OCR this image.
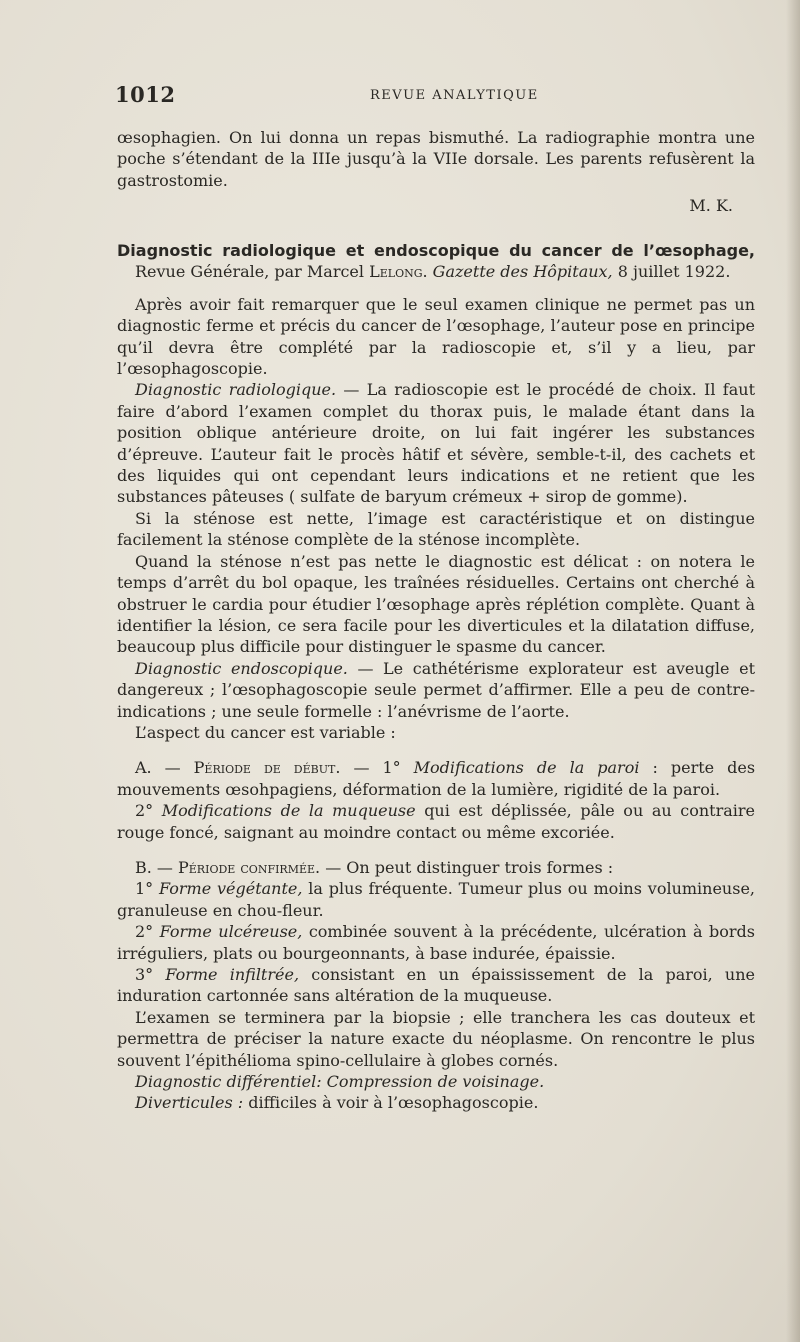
1012	REVUE ANALYTIQUE

œsophagien. On lui donna un repas bismuthé. La radiographie montra une poche s’étendant de la IIIe jusqu’à la VIIe dorsale. Les parents refusèrent la gastrostomie.

M. K.

Diagnostic radiologique et endoscopique du cancer de l’œsophage, Revue Générale, par Marcel Lelong. Gazette des Hôpitaux, 8 juillet 1922.

Après avoir fait remarquer que le seul examen clinique ne permet pas un diagnostic ferme et précis du cancer de l’œsophage, l’auteur pose en principe qu’il devra être complété par la radioscopie et, s’il y a lieu, par l’œsophagoscopie.

Diagnostic radiologique. — La radioscopie est le procédé de choix. Il faut faire d’abord l’examen complet du thorax puis, le malade étant dans la position oblique antérieure droite, on lui fait ingérer les substances d’épreuve. L’auteur fait le procès hâtif et sévère, semble-t-il, des cachets et des liquides qui ont cependant leurs indications et ne retient que les substances pâteuses ( sulfate de baryum crémeux + sirop de gomme).

Si la sténose est nette, l’image est caractéristique et on distingue facilement la sténose complète de la sténose incomplète.

Quand la sténose n’est pas nette le diagnostic est délicat : on notera le temps d’arrêt du bol opaque, les traînées résiduelles. Certains ont cherché à obstruer le cardia pour étudier l’œsophage après réplétion complète. Quant à identifier la lésion, ce sera facile pour les diverticules et la dilatation diffuse, beaucoup plus difficile pour distinguer le spasme du cancer.

Diagnostic endoscopique. — Le cathétérisme explorateur est aveugle et dangereux ; l’œsophagoscopie seule permet d’affirmer. Elle a peu de contre-indications ; une seule formelle : l’anévrisme de l’aorte.

L’aspect du cancer est variable :

A. — Période de début. — 1° Modifications de la paroi : perte des mouvements œsohpagiens, déformation de la lumière, rigidité de la paroi.

2° Modifications de la muqueuse qui est déplissée, pâle ou au contraire rouge foncé, saignant au moindre contact ou même excoriée.

B. — Période confirmée. — On peut distinguer trois formes :

1° Forme végétante, la plus fréquente. Tumeur plus ou moins volumineuse, granuleuse en chou-fleur.

2° Forme ulcéreuse, combinée souvent à la précédente, ulcération à bords irréguliers, plats ou bourgeonnants, à base indurée, épaissie.

3° Forme infiltrée, consistant en un épaississement de la paroi, une induration cartonnée sans altération de la muqueuse.

L’examen se terminera par la biopsie ; elle tranchera les cas douteux et permettra de préciser la nature exacte du néoplasme. On rencontre le plus souvent l’épithélioma spino-cellulaire à globes cornés.

Diagnostic différentiel: Compression de voisinage.

Diverticules : difficiles à voir à l’œsophagoscopie.
